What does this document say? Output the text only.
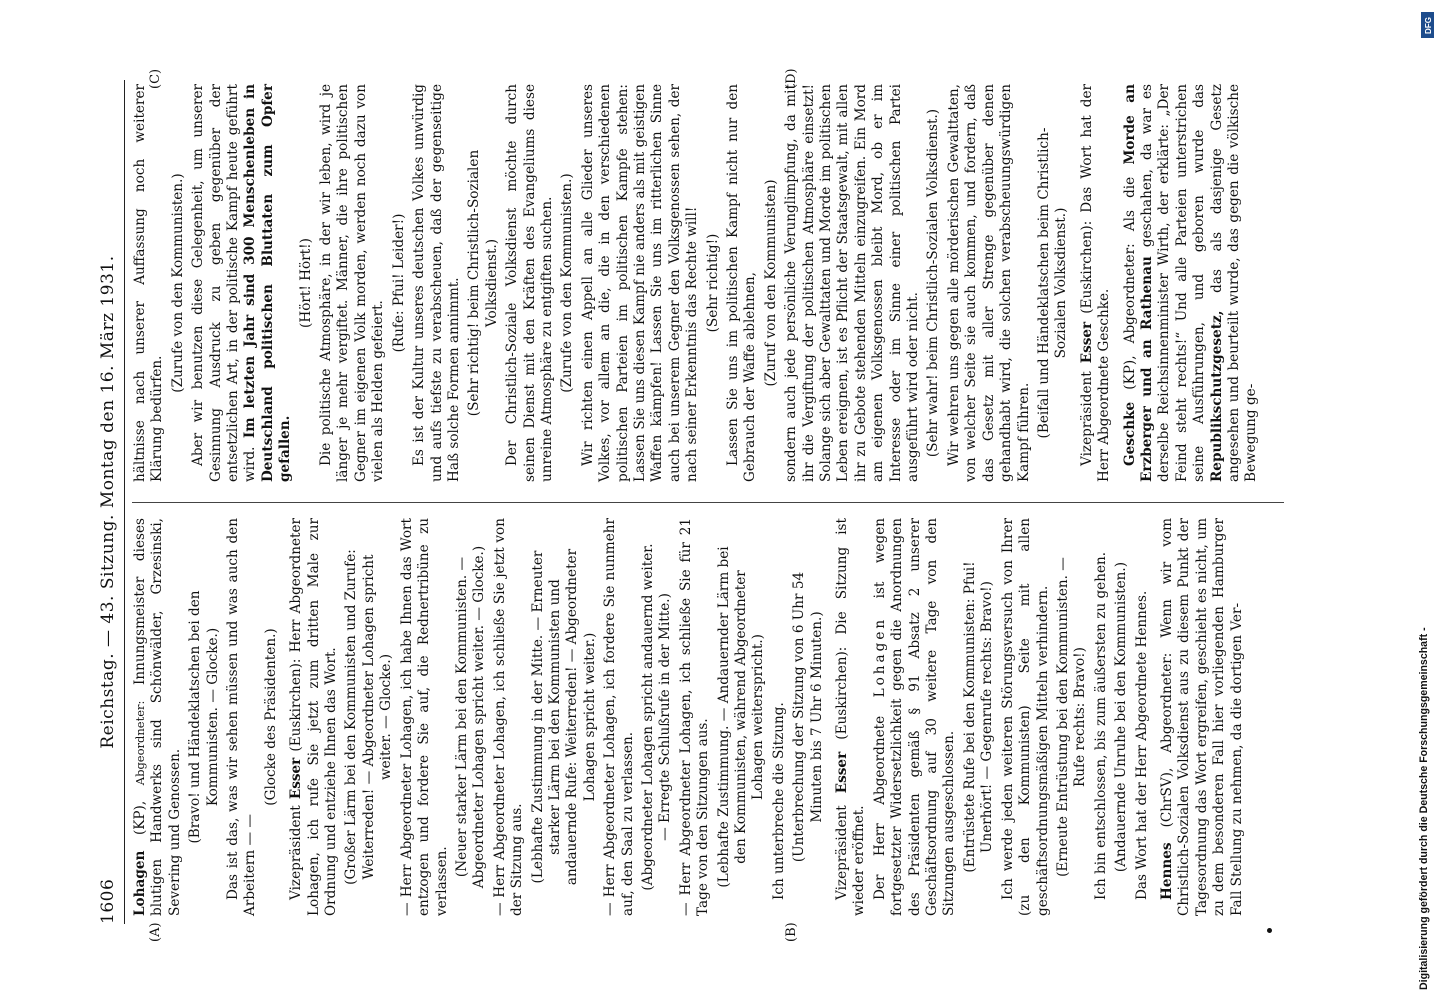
1606
Reichstag. — 43. Sitzung. Montag den 16. März 1931.
(A)	(B)
(C)	(D)

Lohagen (KP), Abgeordneter: Innungsmeister dieses blutigen Handwerks sind Schönwälder, Grzesinski, Severing und Genossen. (Bravo! und Händeklatschen bei den Kommunisten. — Glocke.) Das ist das, was wir sehen müssen und was auch den Arbeitern — —

(Glocke des Präsidenten.)

Vizepräsident Esser (Euskirchen): Herr Abgeordneter Lohagen, ich rufe Sie jetzt zum dritten Male zur Ordnung und entziehe Ihnen das Wort. (Großer Lärm bei den Kommunisten und Zurufe: Weiterreden! — Abgeordneter Lohagen spricht weiter. — Glocke.) — Herr Abgeordneter Lohagen, ich habe Ihnen das Wort entzogen und fordere Sie auf, die Rednertribüne zu verlassen.

(Neuer starker Lärm bei den Kommunisten. — Abgeordneter Lohagen spricht weiter. — Glocke.) — Herr Abgeordneter Lohagen, ich schließe Sie jetzt von der Sitzung aus. (Lebhafte Zustimmung in der Mitte. — Erneuter starker Lärm bei den Kommunisten und andauernde Rufe: Weiterreden! — Abgeordneter Lohagen spricht weiter.) — Herr Abgeordneter Lohagen, ich fordere Sie nunmehr auf, den Saal zu verlassen. (Abgeordneter Lohagen spricht andauernd weiter. — Erregte Schlußrufe in der Mitte.) — Herr Abgeordneter Lohagen, ich schließe Sie für 21 Tage von den Sitzungen aus. (Lebhafte Zustimmung. — Andauernder Lärm bei den Kommunisten, während Abgeordneter Lohagen weiterspricht.) Ich unterbreche die Sitzung. (Unterbrechung der Sitzung von 6 Uhr 54 Minuten bis 7 Uhr 6 Minuten.)

Vizepräsident Esser (Euskirchen): Die Sitzung ist wieder eröffnet. Der Herr Abgeordnete Lohagen ist wegen fortgesetzter Widersetzlichkeit gegen die Anordnungen des Präsidenten gemäß § 91 Absatz 2 unserer Geschäftsordnung auf 30 weitere Tage von den Sitzungen ausgeschlossen. (Entrüstete Rufe bei den Kommunisten: Pfui! Unerhört! — Gegenrufe rechts: Bravo!) Ich werde jeden weiteren Störungsversuch von Ihrer (zu den Kommunisten) Seite mit allen geschäftsordnungsmäßigen Mitteln verhindern. (Erneute Entrüstung bei den Kommunisten. — Rufe rechts: Bravo!) Ich bin entschlossen, bis zum äußersten zu gehen. (Andauernde Unruhe bei den Kommunisten.) Das Wort hat der Herr Abgeordnete Hennes. Hennes (ChrSV), Abgeordneter: Wenn wir vom Christlich-Sozialen Volksdienst aus zu diesem Punkt der Tagesordnung das Wort ergreifen, geschieht es nicht, um zu dem besonderen Fall hier vorliegenden Hamburger Fall Stellung zu nehmen, da die dortigen Ver-

hältnisse nach unserer Auffassung noch weiterer Klärung bedürfen.

(Zurufe von den Kommunisten.) Aber wir benutzen diese Gelegenheit, um unserer Gesinnung Ausdruck zu geben gegenüber der entsetzlichen Art, in der politische Kampf heute geführt wird. Im letzten Jahr sind 300 Menschenleben in Deutschland politischen Bluttaten zum Opfer gefallen.

(Hört! Hört!) Die politische Atmosphäre, in der wir leben, wird je länger je mehr vergiftet. Männer, die ihre politischen Gegner im eigenen Volk morden, werden noch dazu von vielen als Helden gefeiert.

(Rufe: Pfui! Leider!) Es ist der Kultur unseres deutschen Volkes unwürdig und aufs tiefste zu verabscheuen, daß der gegenseitige Haß solche Formen annimmt. (Sehr richtig! beim Christlich-Sozialen Volksdienst.) Der Christlich-Soziale Volksdienst möchte durch seinen Dienst mit den Kräften des Evangeliums diese unreine Atmosphäre zu entgiften suchen. (Zurufe von den Kommunisten.) Wir richten einen Appell an alle Glieder unseres Volkes, vor allem an die, die in den verschiedenen politischen Parteien im politischen Kampfe stehen: Lassen Sie uns diesen Kampf nie anders als mit geistigen Waffen kämpfen! Lassen Sie uns im ritterlichen Sinne auch bei unserem Gegner den Volksgenossen sehen, der nach seiner Erkenntnis das Rechte will! (Sehr richtig!) Lassen Sie uns im politischen Kampf nicht nur den Gebrauch der Waffe ablehnen, (Zuruf von den Kommunisten) sondern auch jede persönliche Verunglimpfung, da mit ihr die Vergiftung der politischen Atmosphäre einsetzt! Solange sich aber Gewalttaten und Morde im politischen Leben ereignen, ist es Pflicht der Staatsgewalt, mit allen ihr zu Gebote stehenden Mitteln einzugreifen. Ein Mord am eigenen Volksgenossen bleibt Mord, ob er im Interesse oder im Sinne einer politischen Partei ausgeführt wird oder nicht. (Sehr wahr! beim Christlich-Sozialen Volksdienst.) Wir wehren uns gegen alle mörderischen Gewalttaten, von welcher Seite sie auch kommen, und fordern, daß das Gesetz mit aller Strenge gegenüber denen gehandhabt wird, die solchen verabscheuungswürdigen Kampf führen. (Beifall und Händeklatschen beim Christlich-Sozialen Volksdienst.)

Vizepräsident Esser (Euskirchen): Das Wort hat der Herr Abgeordnete Geschke. Geschke (KP), Abgeordneter: Als die Morde an Erzberger und an Rathenau geschahen, da war es derselbe Reichsinnenminister Wirth, der erklärte: „Der Feind steht rechts!“ Und alle Parteien unterstrichen seine Ausführungen, und geboren wurde das Republikschutzgesetz, das als dasjenige Gesetz angesehen und beurteilt wurde, das gegen die völkische Bewegung ge-

Digitalisierung gefördert durch die Deutsche Forschungsgemeinschaft -
DFG
